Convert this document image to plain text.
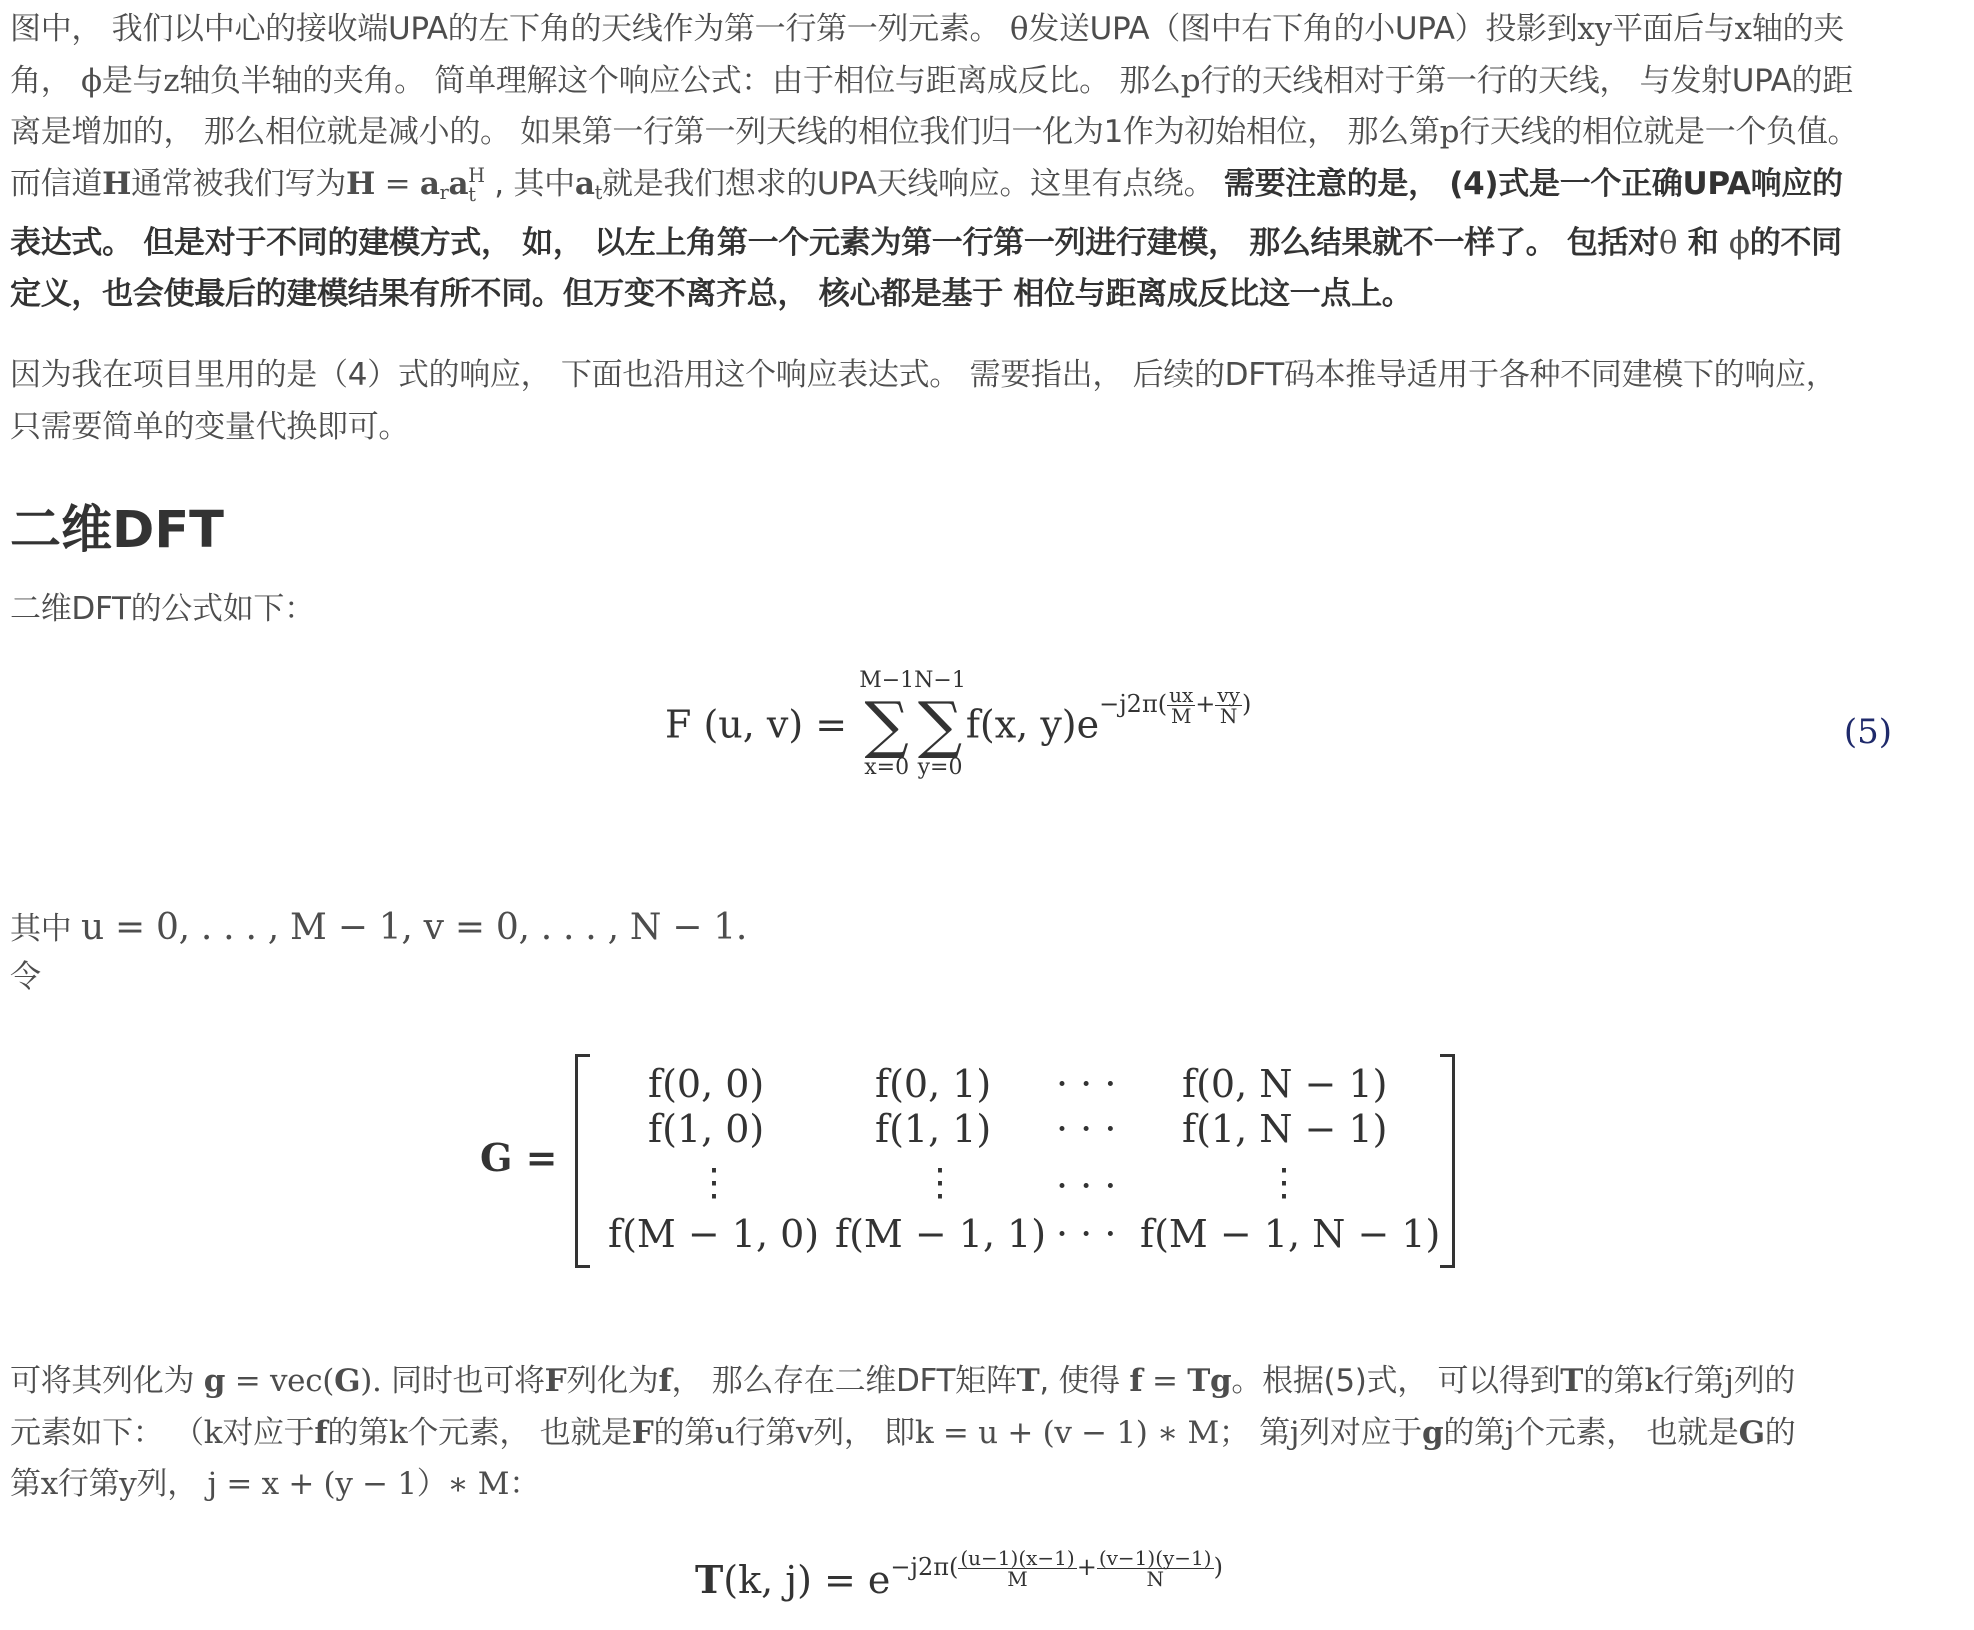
图中， 我们以中心的接收端UPA的左下角的天线作为第一行第一列元素。 θ发送UPA（图中右下角的小UPA）投影到xy平面后与x轴的夹

角， ϕ是与z轴负半轴的夹角。 简单理解这个响应公式：由于相位与距离成反比。 那么p行的天线相对于第一行的天线， 与发射UPA的距

离是增加的， 那么相位就是减小的。 如果第一行第一列天线的相位我们归一化为1作为初始相位， 那么第p行天线的相位就是一个负值。

而信道H通常被我们写为$H = a_ra$ H
t , 其中$a_t$就是我们想求的UPA天线响应。这里有点绕。 需要注意的是， (4)式是一个正确UPA响应的

表达式。 但是对于不同的建模方式， 如， 以左上角第一个元素为第一行第一列进行建模， 那么结果就不一样了。 包括对θ 和 ϕ的不同

定义，也会使最后的建模结果有所不同。但万变不离齐总， 核心都是基于 相位与距离成反比这一点上。

因为我在项目里用的是（4）式的响应， 下面也沿用这个响应表达式。 需要指出， 后续的DFT码本推导适用于各种不同建模下的响应，

只需要简单的变量代换即可。

二维DFT

二维DFT的公式如下：

F (u, v) =
M−1
∑
x=0
N−1
∑
y=0
f(x, $y)e^{-j2\pi( \frac{ux}{M} + \frac{vy}{N} )}$
(5)

其中 u = 0, . . . , M − 1, v = 0, . . . , N − 1.

令

G =
f(0, 0)	f(0, 1) · · · f(0, N − 1)
f(1, 0)	f(1, 1) · · · f(1, N − 1)
⋮	⋮	· · ·	⋮
f(M − 1, 0) f(M − 1, 1) · · · f(M − 1, N − 1)

可将其列化为 g = vec(G). 同时也可将F列化为f， 那么存在二维DFT矩阵T, 使得 f = Tg。根据(5)式， 可以得到T的第k行第j列的

元素如下： （k对应于f的第k个元素， 也就是F的第u行第v列， 即k = u + (v − 1) ∗ M； 第j列对应于g的第j个元素， 也就是G的

第x行第y列， j = x + (y − 1）∗ M：

T(k, $j) = e^{-j2\pi( \frac{(u-1)(x-1)}{M} + \frac{(v-1)(y-1)}{N} )}$
